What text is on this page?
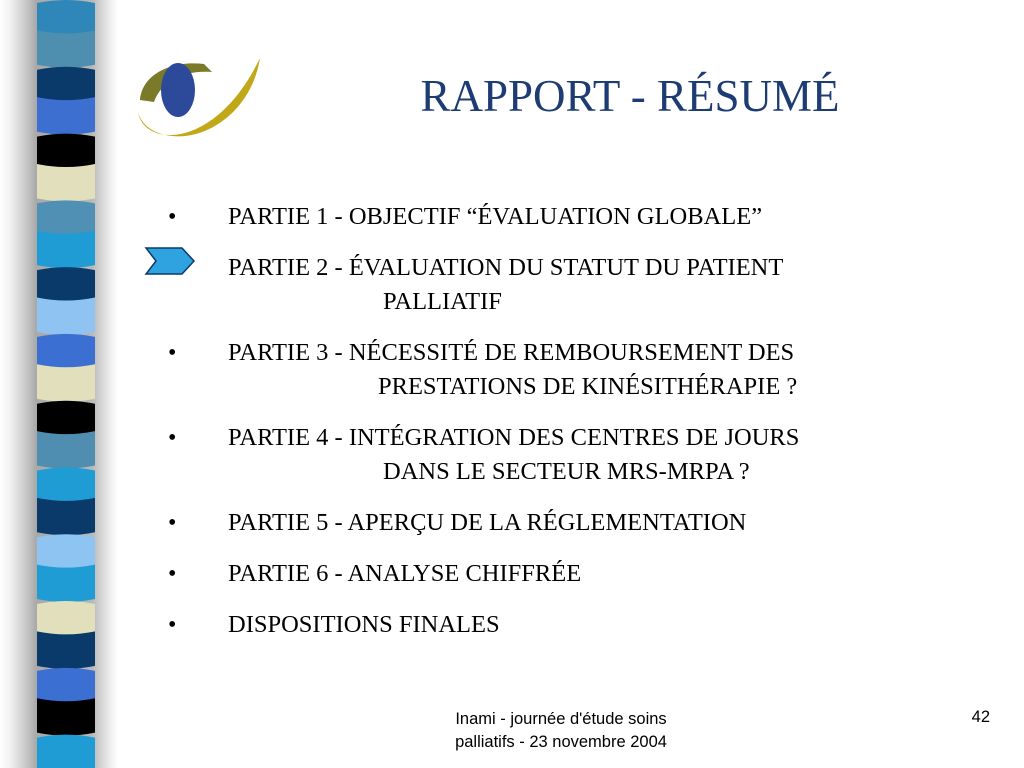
RAPPORT - RÉSUMÉ
•	PARTIE 1 - OBJECTIF “ÉVALUATION GLOBALE”
PARTIE 2 - ÉVALUATION DU STATUT DU PATIENT
PALLIATIF
•	PARTIE 3 - NÉCESSITÉ DE REMBOURSEMENT DES
PRESTATIONS DE KINÉSITHÉRAPIE ?
•	PARTIE 4 - INTÉGRATION DES CENTRES DE JOURS
DANS LE SECTEUR MRS-MRPA ?
•	PARTIE 5 - APERÇU DE LA RÉGLEMENTATION
•	PARTIE 6 - ANALYSE CHIFFRÉE
•	DISPOSITIONS FINALES
Inami - journée d'étude soins
palliatifs - 23 novembre 2004
42
